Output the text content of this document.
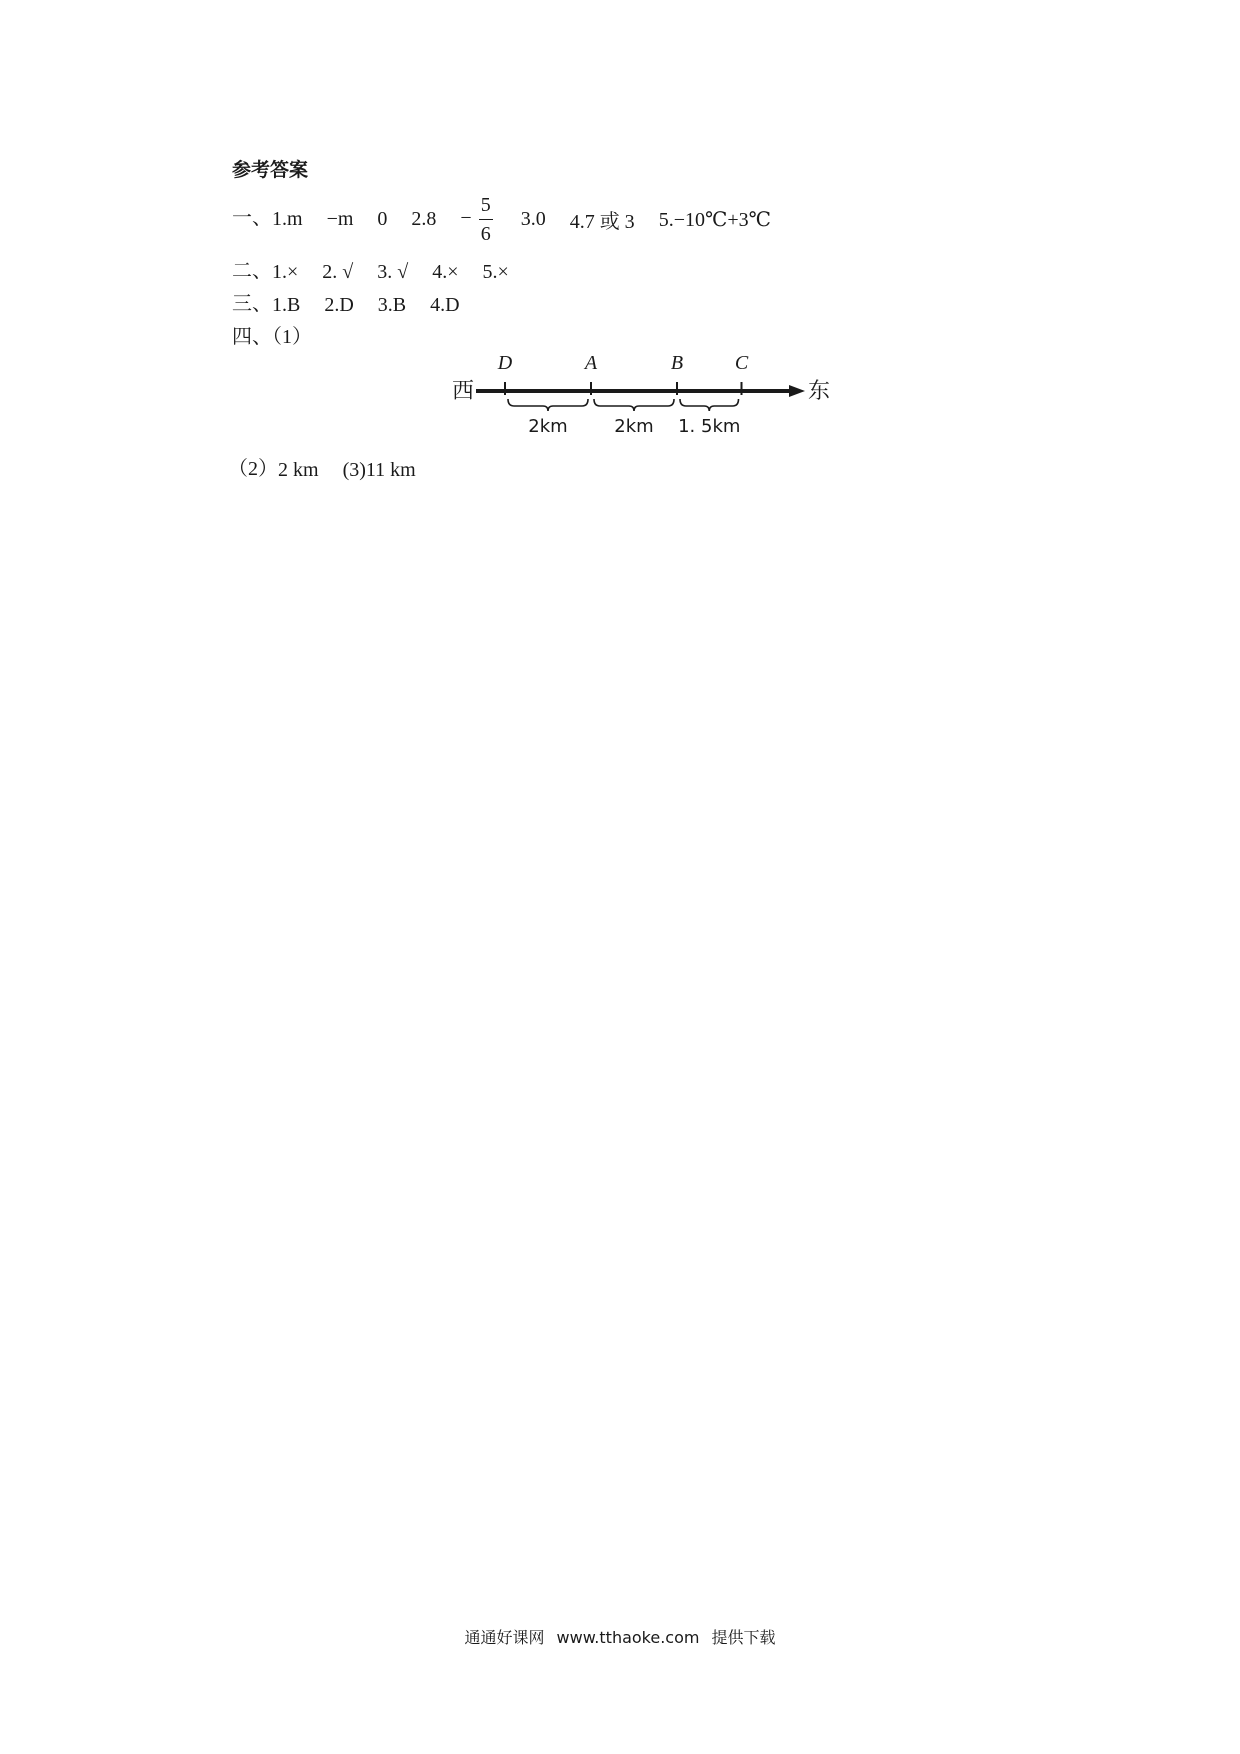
参考答案
一、1.m −m 0 $2.8 - \frac{5}{6} 3.0$ 4.7 或 3 5.−10℃+3℃
二、1.× 2. √ 3. √ 4.× 5.×
三、1.B 2.D 3.B 4.D
四、（1）
西	东
D	A	B	C
2km	2km 1. 5km
（2）2 km (3)11 km
通通好课网 www.tthaoke.com 提供下载
